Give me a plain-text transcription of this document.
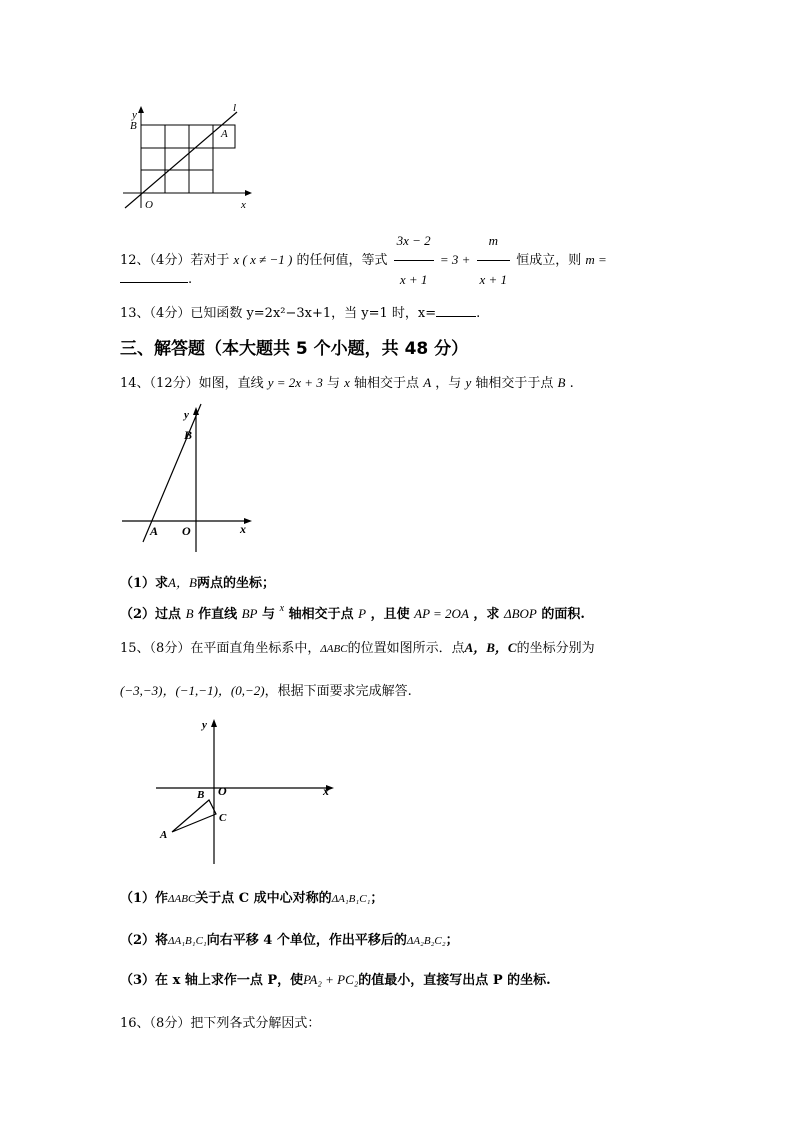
y
B
A
l
O	x
12、（4分）若对于 x ( x ≠ −1 ) 的任何值，等式 $\frac{3x - 2}{x + 1} = 3 + \frac{m}{x + 1}$ 恒成立，则 m =
.
13、（4分）已知函数 y=2x²−3x+1，当 y=1 时，x=	.
三、解答题（本大题共 5 个小题，共 48 分）
14、（12分）如图，直线 y = 2x + 3 与 x 轴相交于点 A ，与 y 轴相交于于点 B .
y
B
A O	x
（1）求A，B两点的坐标；
（2）过点 B 作直线 BP 与 $^x$ 轴相交于点 P ，且使 AP = 2OA ，求 ΔBOP 的面积.
15、（8分）在平面直角坐标系中，ΔABC的位置如图所示．点A，B，C的坐标分别为
(−3,−3)，(−1,−1)，(0,−2)，根据下面要求完成解答.
y
O	x
B
C
A
（1）作ΔABC关于点 C 成中心对称的ΔA₁B₁C₁；
（2）将ΔA₁B₁C₁向右平移 4 个单位，作出平移后的ΔA₂B₂C₂；
（3）在 x 轴上求作一点 P，使PA₂ + PC₂的值最小，直接写出点 P 的坐标.
16、（8分）把下列各式分解因式：
